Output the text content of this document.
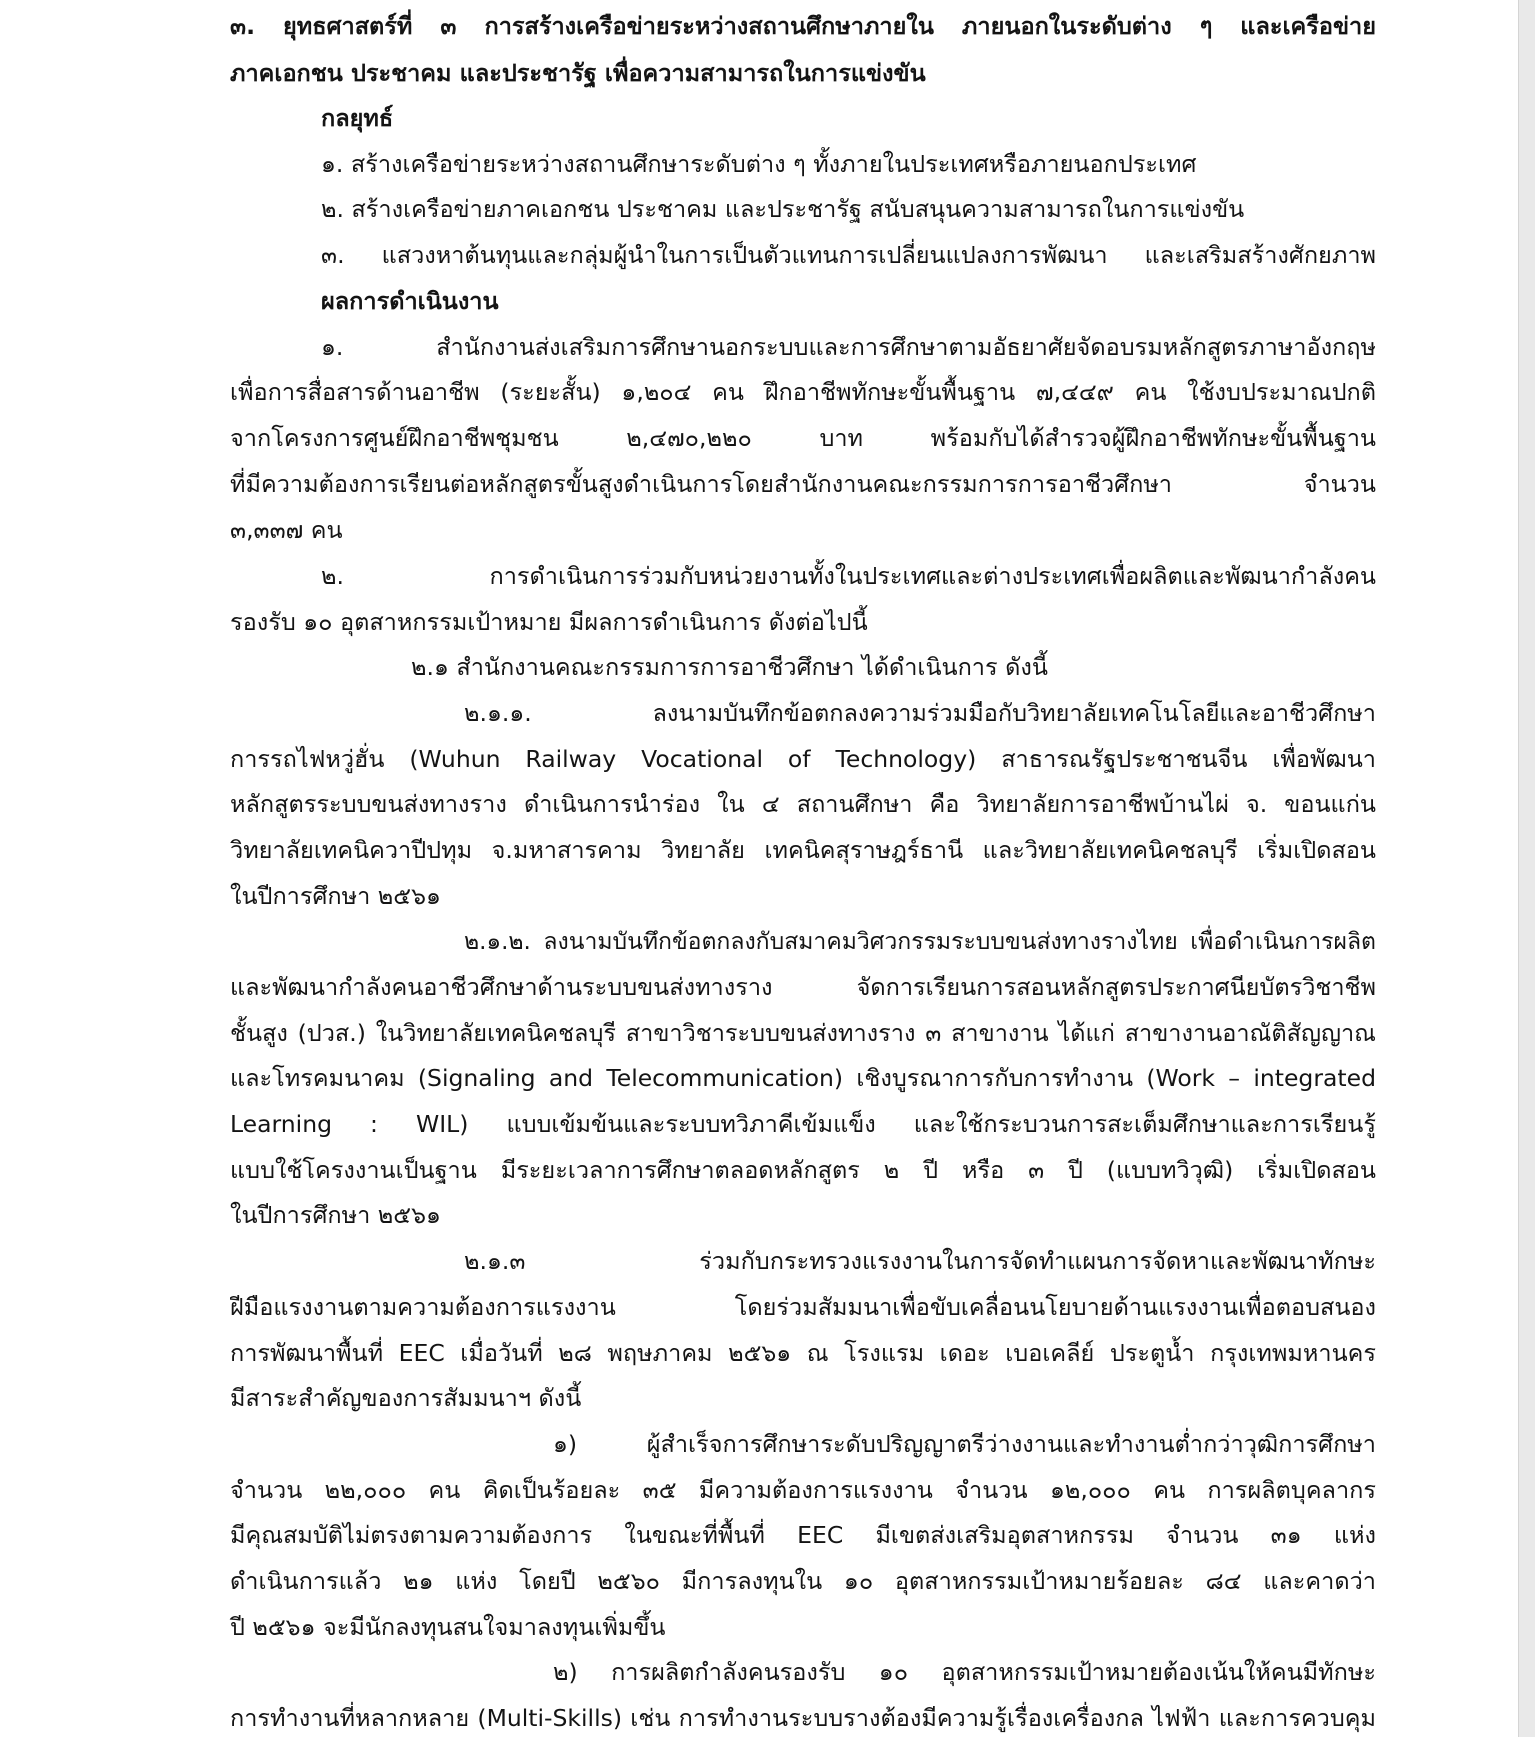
๓. ยุทธศาสตร์ที่ ๓ การสร้างเครือข่ายระหว่างสถานศึกษาภายใน ภายนอกในระดับต่าง ๆ และเครือข่าย
ภาคเอกชน ประชาคม และประชารัฐ เพื่อความสามารถในการแข่งขัน
กลยุทธ์
๑. สร้างเครือข่ายระหว่างสถานศึกษาระดับต่าง ๆ ทั้งภายในประเทศหรือภายนอกประเทศ
๒. สร้างเครือข่ายภาคเอกชน ประชาคม และประชารัฐ สนับสนุนความสามารถในการแข่งขัน
๓. แสวงหาต้นทุนและกลุ่มผู้นำในการเป็นตัวแทนการเปลี่ยนแปลงการพัฒนา และเสริมสร้างศักยภาพ
ผลการดำเนินงาน
๑. สำนักงานส่งเสริมการศึกษานอกระบบและการศึกษาตามอัธยาศัยจัดอบรมหลักสูตรภาษาอังกฤษ
เพื่อการสื่อสารด้านอาชีพ (ระยะสั้น) ๑,๒๐๔ คน ฝึกอาชีพทักษะขั้นพื้นฐาน ๗,๔๔๙ คน ใช้งบประมาณปกติ
จากโครงการศูนย์ฝึกอาชีพชุมชน ๒,๔๗๐,๒๒๐ บาท พร้อมกับได้สำรวจผู้ฝึกอาชีพทักษะขั้นพื้นฐาน
ที่มีความต้องการเรียนต่อหลักสูตรขั้นสูงดำเนินการโดยสำนักงานคณะกรรมการการอาชีวศึกษา จำนวน
๓,๓๓๗ คน
๒. การดำเนินการร่วมกับหน่วยงานทั้งในประเทศและต่างประเทศเพื่อผลิตและพัฒนากำลังคน
รองรับ ๑๐ อุตสาหกรรมเป้าหมาย มีผลการดำเนินการ ดังต่อไปนี้
๒.๑ สำนักงานคณะกรรมการการอาชีวศึกษา ได้ดำเนินการ ดังนี้
๒.๑.๑. ลงนามบันทึกข้อตกลงความร่วมมือกับวิทยาลัยเทคโนโลยีและอาชีวศึกษา
การรถไฟหวู่ฮั่น (Wuhun Railway Vocational of Technology) สาธารณรัฐประชาชนจีน เพื่อพัฒนา
หลักสูตรระบบขนส่งทางราง ดำเนินการนำร่อง ใน ๔ สถานศึกษา คือ วิทยาลัยการอาชีพบ้านไผ่ จ. ขอนแก่น
วิทยาลัยเทคนิควาปีปทุม จ.มหาสารคาม วิทยาลัย เทคนิคสุราษฎร์ธานี และวิทยาลัยเทคนิคชลบุรี เริ่มเปิดสอน
ในปีการศึกษา ๒๕๖๑
๒.๑.๒. ลงนามบันทึกข้อตกลงกับสมาคมวิศวกรรมระบบขนส่งทางรางไทย เพื่อดำเนินการผลิต
และพัฒนากำลังคนอาชีวศึกษาด้านระบบขนส่งทางราง จัดการเรียนการสอนหลักสูตรประกาศนียบัตรวิชาชีพ
ชั้นสูง (ปวส.) ในวิทยาลัยเทคนิคชลบุรี สาขาวิชาระบบขนส่งทางราง ๓ สาขางาน ได้แก่ สาขางานอาณัติสัญญาณ
และโทรคมนาคม (Signaling and Telecommunication) เชิงบูรณาการกับการทำงาน (Work – integrated
Learning : WIL) แบบเข้มข้นและระบบทวิภาคีเข้มแข็ง และใช้กระบวนการสะเต็มศึกษาและการเรียนรู้
แบบใช้โครงงานเป็นฐาน มีระยะเวลาการศึกษาตลอดหลักสูตร ๒ ปี หรือ ๓ ปี (แบบทวิวุฒิ) เริ่มเปิดสอน
ในปีการศึกษา ๒๕๖๑
๒.๑.๓ ร่วมกับกระทรวงแรงงานในการจัดทำแผนการจัดหาและพัฒนาทักษะ
ฝีมือแรงงานตามความต้องการแรงงาน โดยร่วมสัมมนาเพื่อขับเคลื่อนนโยบายด้านแรงงานเพื่อตอบสนอง
การพัฒนาพื้นที่ EEC เมื่อวันที่ ๒๘ พฤษภาคม ๒๕๖๑ ณ โรงแรม เดอะ เบอเคลีย์ ประตูน้ำ กรุงเทพมหานคร
มีสาระสำคัญของการสัมมนาฯ ดังนี้
๑) ผู้สำเร็จการศึกษาระดับปริญญาตรีว่างงานและทำงานต่ำกว่าวุฒิการศึกษา
จำนวน ๒๒,๐๐๐ คน คิดเป็นร้อยละ ๓๕ มีความต้องการแรงงาน จำนวน ๑๒,๐๐๐ คน การผลิตบุคลากร
มีคุณสมบัติไม่ตรงตามความต้องการ ในขณะที่พื้นที่ EEC มีเขตส่งเสริมอุตสาหกรรม จำนวน ๓๑ แห่ง
ดำเนินการแล้ว ๒๑ แห่ง โดยปี ๒๕๖๐ มีการลงทุนใน ๑๐ อุตสาหกรรมเป้าหมายร้อยละ ๘๔ และคาดว่า
ปี ๒๕๖๑ จะมีนักลงทุนสนใจมาลงทุนเพิ่มขึ้น
๒) การผลิตกำลังคนรองรับ ๑๐ อุตสาหกรรมเป้าหมายต้องเน้นให้คนมีทักษะ
การทำงานที่หลากหลาย (Multi-Skills) เช่น การทำงานระบบรางต้องมีความรู้เรื่องเครื่องกล ไฟฟ้า และการควบคุม
